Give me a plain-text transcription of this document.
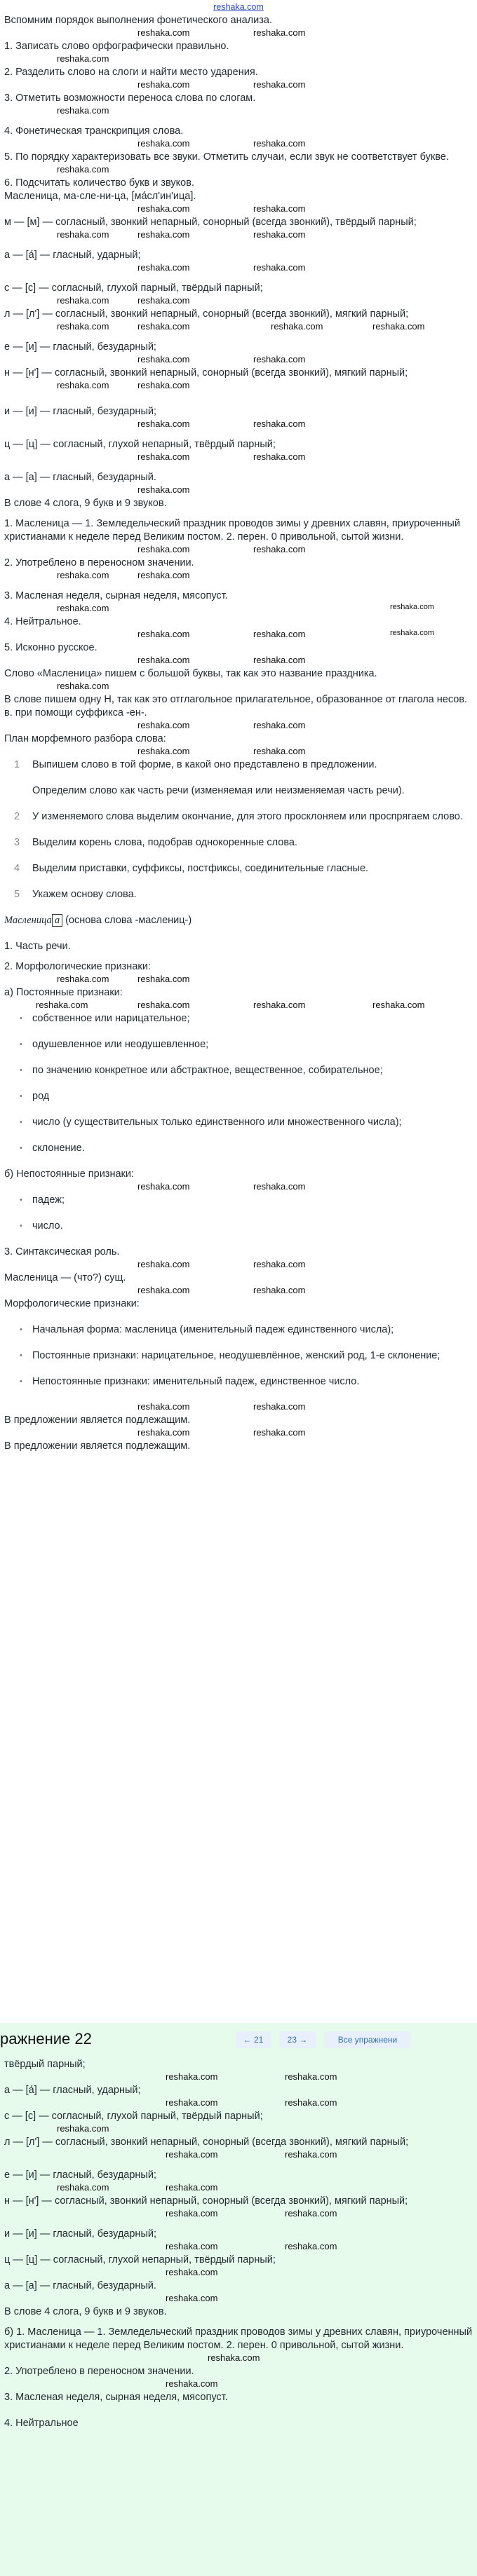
reshaka.com

Вспомним порядок выполнения фонетического анализа.

reshaka.com	reshaka.com

1. Записать слово орфографически правильно.

reshaka.com

2. Разделить слово на слоги и найти место ударения.

reshaka.com	reshaka.com

3. Отметить возможности переноса слова по слогам.

reshaka.com

4. Фонетическая транскрипция слова.

reshaka.com	reshaka.com

5. По порядку характеризовать все звуки. Отметить случаи, если звук не соответствует букве.

reshaka.com

6. Подсчитать количество букв и звуков.

Масленица, ма-сле-ни-ца, [мáсл'ин'ица].

reshaka.com	reshaka.com

м — [м] — согласный, звонкий непарный, сонорный (всегда звонкий), твёрдый парный;

reshaka.com	reshaka.com	reshaka.com

а — [á] — гласный, ударный;

reshaka.com	reshaka.com

с — [с] — согласный, глухой парный, твёрдый парный;

reshaka.com	reshaka.com

л — [л'] — согласный, звонкий непарный, сонорный (всегда звонкий), мягкий парный;

reshaka.com	reshaka.com	reshaka.com	reshaka.com

е — [и] — гласный, безударный;

reshaka.com	reshaka.com

н — [н'] — согласный, звонкий непарный, сонорный (всегда звонкий), мягкий парный;

reshaka.com	reshaka.com

и — [и] — гласный, безударный;

reshaka.com	reshaka.com

ц — [ц] — согласный, глухой непарный, твёрдый парный;

reshaka.com	reshaka.com

а — [а] — гласный, безударный.

reshaka.com

В слове 4 слога, 9 букв и 9 звуков.

1. Масленица — 1. Земледельческий праздник проводов зимы у древних славян, приуроченный христианами к неделе перед Великим постом. 2. перен. 0 привольной, сытой жизни.

reshaka.com	reshaka.com

2. Употреблено в переносном значении.

reshaka.com	reshaka.com

3. Масленая неделя, сырная неделя, мясопуст.

reshaka.com	reshaka.com

4. Нейтральное.

reshaka.com	reshaka.com	reshaka.com

5. Исконно русское.

reshaka.com	reshaka.com

Слово «Масленица» пишем с большой буквы, так как это название праздника.

reshaka.com

В слове пишем одну Н, так как это отглагольное прилагательное, образованное от глагола несов. в. при помощи суффикса -ен-.

reshaka.com	reshaka.com

План морфемного разбора слова:

reshaka.com	reshaka.com
1 Выпишем слово в той форме, в какой оно представлено в предложении.
Определим слово как часть речи (изменяемая или неизменяемая часть речи).
2 У изменяемого слова выделим окончание, для этого просклоняем или проспрягаем слово.
3 Выделим корень слова, подобрав однокоренные слова.
4 Выделим приставки, суффиксы, постфиксы, соединительные гласные.
5 Укажем основу слова.

Масленица а (основа слова -маслениц-)

1. Часть речи.

2. Морфологические признаки:

reshaka.com	reshaka.com

а) Постоянные признаки:

reshaka.com	reshaka.com	reshaka.com	reshaka.com
• собственное или нарицательное;
• одушевленное или неодушевленное;
• по значению конкретное или абстрактное, вещественное, собирательное;
• род
• число (у существительных только единственного или множественного числа);
• склонение.

б) Непостоянные признаки:

reshaka.com	reshaka.com
• падеж;
• число.

3. Синтаксическая роль.

reshaka.com	reshaka.com

Масленица — (что?) сущ.

reshaka.com	reshaka.com

Морфологические признаки:

• Начальная форма: масленица (именительный падеж единственного числа);
• Постоянные признаки: нарицательное, неодушевлённое, женский род, 1-е склонение;
• Непостоянные признаки: именительный падеж, единственное число.
reshaka.com	reshaka.com

В предложении является подлежащим.

reshaka.com	reshaka.com

В предложении является подлежащим.

ражнение 22	← 21	23 →	Все упражнени

твёрдый парный;

reshaka.com	reshaka.com

а — [á] — гласный, ударный;

reshaka.com	reshaka.com

с — [с] — согласный, глухой парный, твёрдый парный;

reshaka.com

л — [л'] — согласный, звонкий непарный, сонорный (всегда звонкий), мягкий парный;

reshaka.com	reshaka.com

е — [и] — гласный, безударный;

reshaka.com	reshaka.com

н — [н'] — согласный, звонкий непарный, сонорный (всегда звонкий), мягкий парный;

reshaka.com	reshaka.com

и — [и] — гласный, безударный;

reshaka.com	reshaka.com

ц — [ц] — согласный, глухой непарный, твёрдый парный;

reshaka.com

а — [а] — гласный, безударный.

reshaka.com

В слове 4 слога, 9 букв и 9 звуков.

б) 1. Масленица — 1. Земледельческий праздник проводов зимы у древних славян, приуроченный христианами к неделе перед Великим постом. 2. перен. 0 привольной, сытой жизни.

reshaka.com

2. Употреблено в переносном значении.

reshaka.com

3. Масленая неделя, сырная неделя, мясопуст.

4. Нейтральное
